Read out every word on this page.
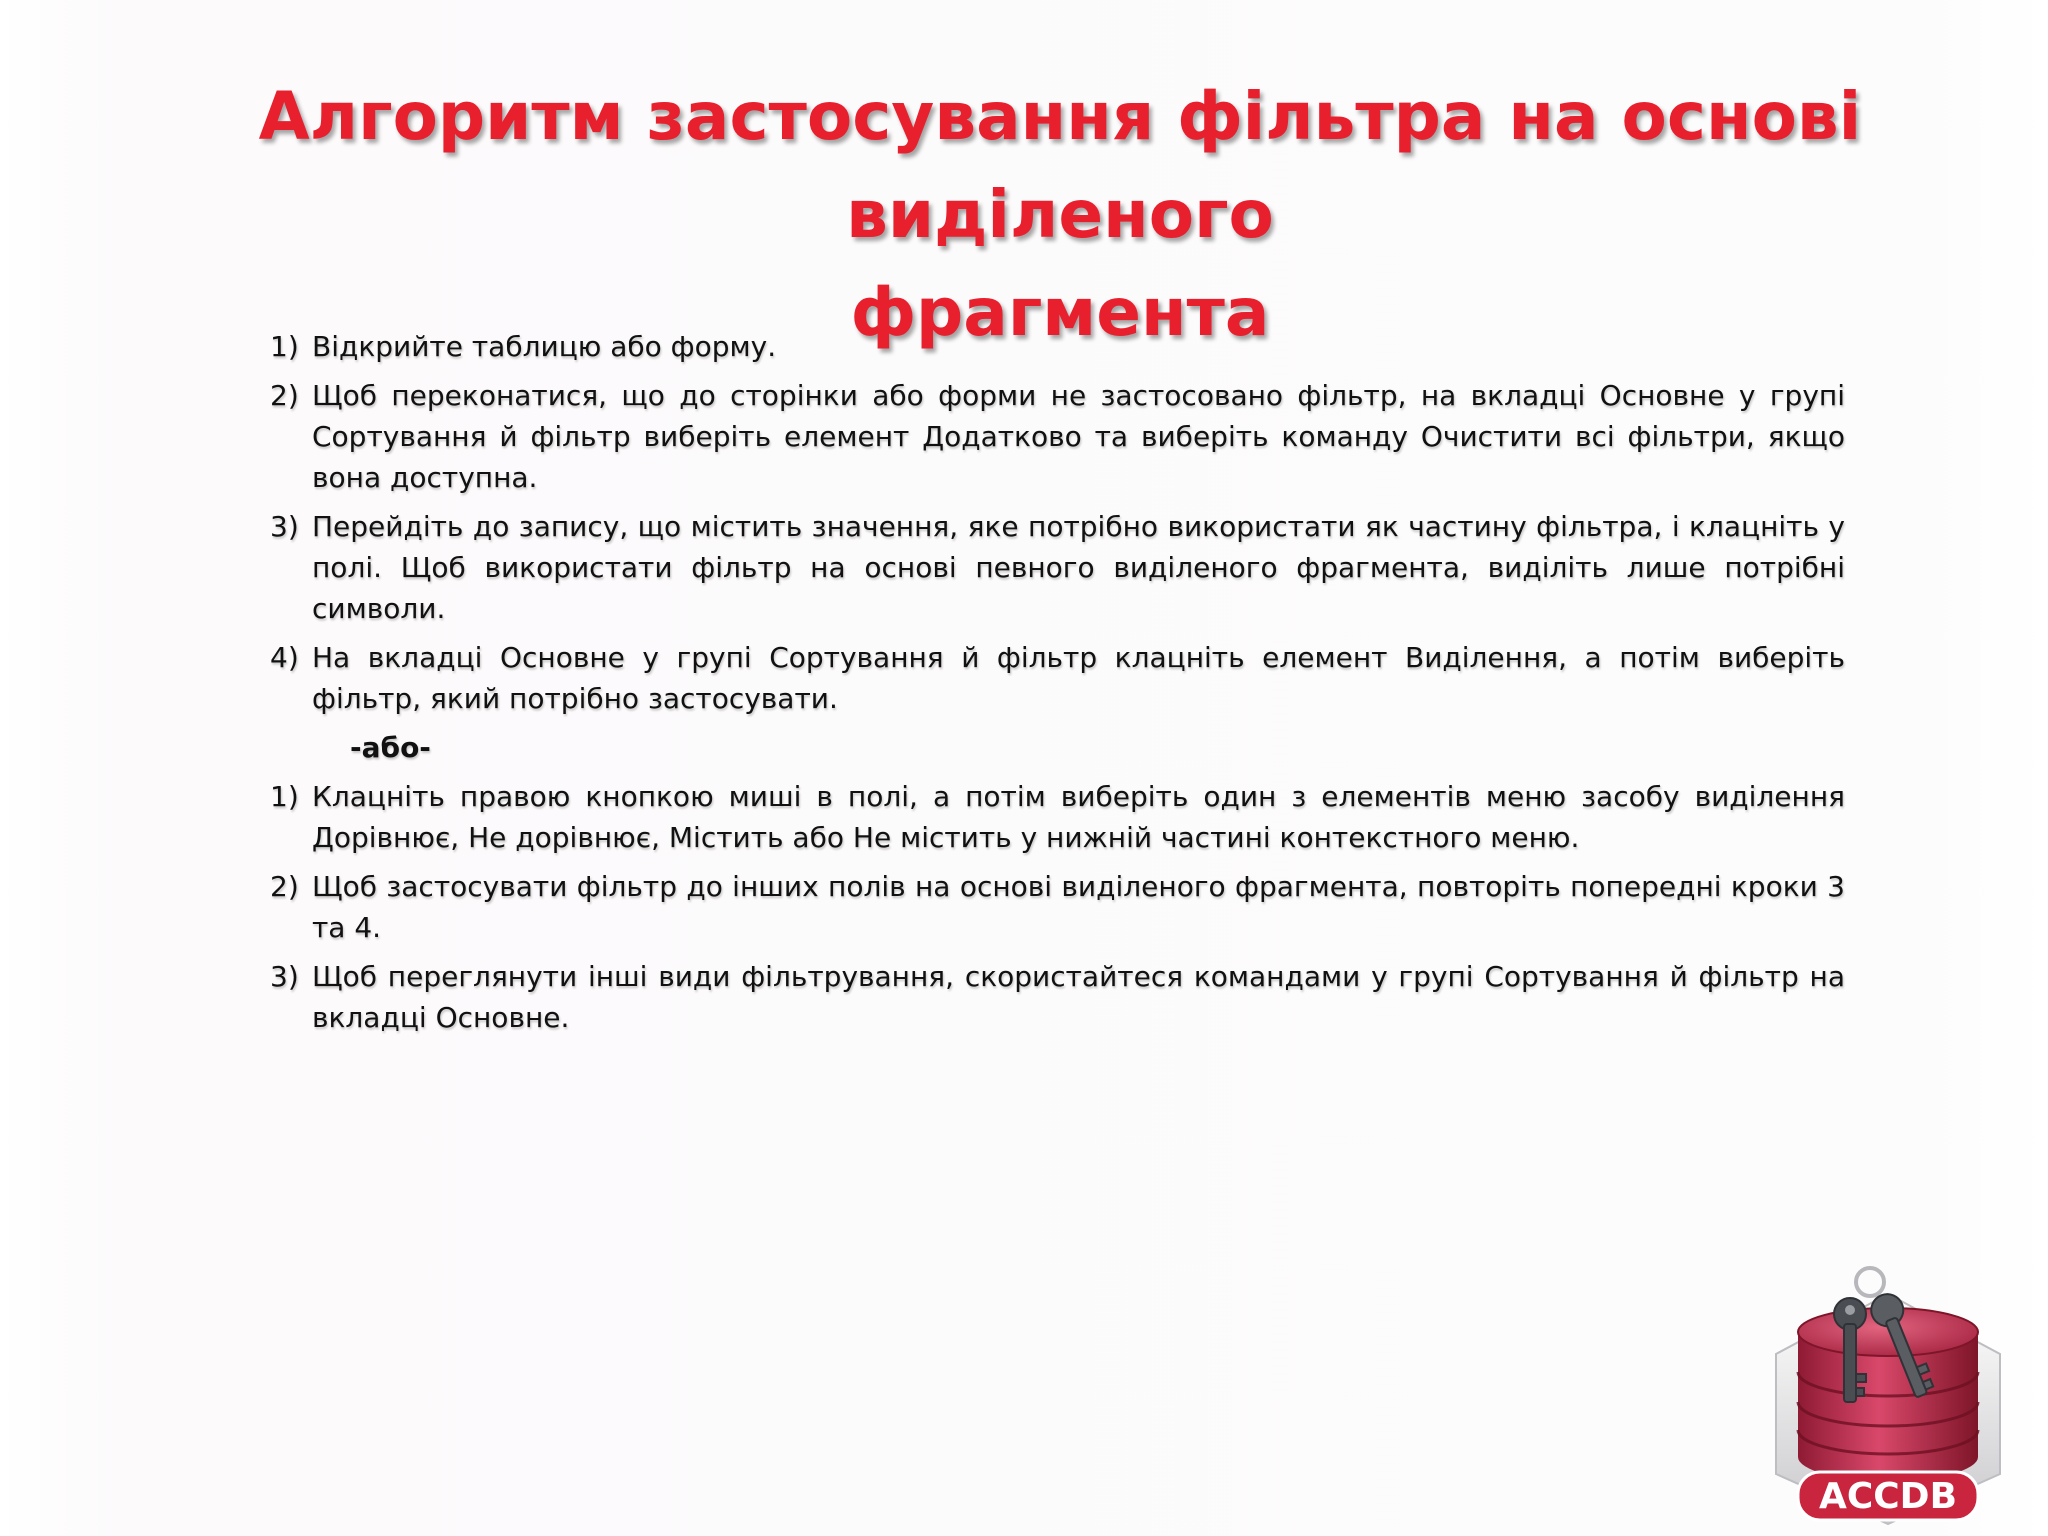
Алгоритм застосування фільтра на основі виділеного
фрагмента
1) Відкрийте таблицю або форму.
2) Щоб переконатися, що до сторінки або форми не застосовано фільтр, на вкладці Основне у групі Сортування й фільтр виберіть елемент Додатково та виберіть команду Очистити всі фільтри, якщо вона доступна.
3) Перейдіть до запису, що містить значення, яке потрібно використати як частину фільтра, і клацніть у полі. Щоб використати фільтр на основі певного виділеного фрагмента, виділіть лише потрібні символи.
4) На вкладці Основне у групі Сортування й фільтр клацніть елемент Виділення, а потім виберіть фільтр, який потрібно застосувати.
-або-
1) Клацніть правою кнопкою миші в полі, а потім виберіть один з елементів меню засобу виділення Дорівнює, Не дорівнює, Містить або Не містить у нижній частині контекстного меню.
2) Щоб застосувати фільтр до інших полів на основі виділеного фрагмента, повторіть попередні кроки 3 та 4.
3) Щоб переглянути інші види фільтрування, скористайтеся командами у групі Сортування й фільтр на вкладці Основне.
ACCDB
